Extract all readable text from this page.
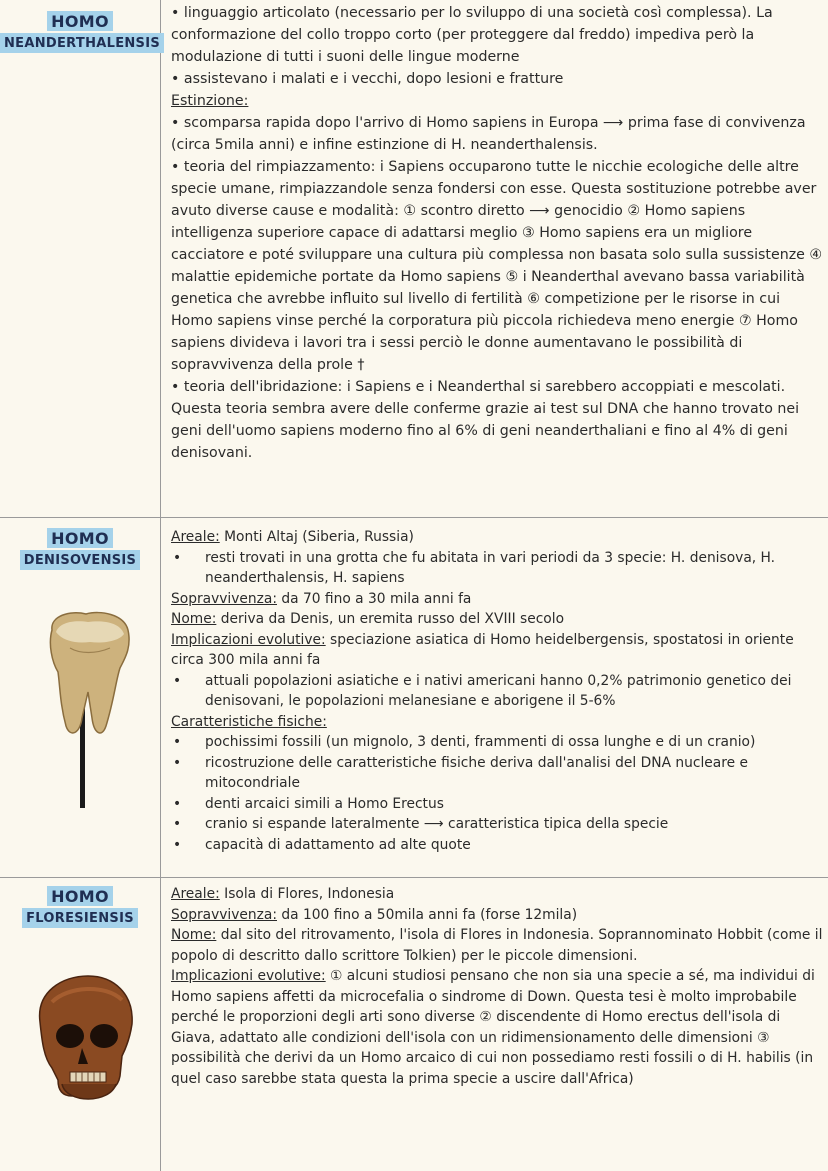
HOMO
NEANDERTHALENSIS

• linguaggio articolato (necessario per lo sviluppo di una società così complessa). La conformazione del collo troppo corto (per proteggere dal freddo) impediva però la modulazione di tutti i suoni delle lingue moderne

• assistevano i malati e i vecchi, dopo lesioni e fratture

Estinzione:

• scomparsa rapida dopo l'arrivo di Homo sapiens in Europa ⟶ prima fase di convivenza (circa 5mila anni) e infine estinzione di H. neanderthalensis.

• teoria del rimpiazzamento: i Sapiens occuparono tutte le nicchie ecologiche delle altre specie umane, rimpiazzandole senza fondersi con esse. Questa sostituzione potrebbe aver avuto diverse cause e modalità: ① scontro diretto ⟶ genocidio ② Homo sapiens intelligenza superiore capace di adattarsi meglio ③ Homo sapiens era un migliore cacciatore e poté sviluppare una cultura più complessa non basata solo sulla sussistenze ④ malattie epidemiche portate da Homo sapiens ⑤ i Neanderthal avevano bassa variabilità genetica che avrebbe influito sul livello di fertilità ⑥ competizione per le risorse in cui Homo sapiens vinse perché la corporatura più piccola richiedeva meno energie ⑦ Homo sapiens divideva i lavori tra i sessi perciò le donne aumentavano le possibilità di sopravvivenza della prole †

• teoria dell'ibridazione: i Sapiens e i Neanderthal si sarebbero accoppiati e mescolati. Questa teoria sembra avere delle conferme grazie ai test sul DNA che hanno trovato nei geni dell'uomo sapiens moderno fino al 6% di geni neanderthaliani e fino al 4% di geni denisovani.

HOMO
DENISOVENSIS

Areale: Monti Altaj (Siberia, Russia)

• resti trovati in una grotta che fu abitata in vari periodi da 3 specie: H. denisova, H. neanderthalensis, H. sapiens

Sopravvivenza: da 70 fino a 30 mila anni fa

Nome: deriva da Denis, un eremita russo del XVIII secolo

Implicazioni evolutive: speciazione asiatica di Homo heidelbergensis, spostatosi in oriente circa 300 mila anni fa

• attuali popolazioni asiatiche e i nativi americani hanno 0,2% patrimonio genetico dei denisovani, le popolazioni melanesiane e aborigene il 5-6%

Caratteristiche fisiche:

• pochissimi fossili (un mignolo, 3 denti, frammenti di ossa lunghe e di un cranio)

• ricostruzione delle caratteristiche fisiche deriva dall'analisi del DNA nucleare e mitocondriale

• denti arcaici simili a Homo Erectus

• cranio si espande lateralmente ⟶ caratteristica tipica della specie

• capacità di adattamento ad alte quote

HOMO
FLORESIENSIS

Areale: Isola di Flores, Indonesia

Sopravvivenza: da 100 fino a 50mila anni fa (forse 12mila)

Nome: dal sito del ritrovamento, l'isola di Flores in Indonesia. Soprannominato Hobbit (come il popolo di descritto dallo scrittore Tolkien) per le piccole dimensioni.

Implicazioni evolutive: ① alcuni studiosi pensano che non sia una specie a sé, ma individui di Homo sapiens affetti da microcefalia o sindrome di Down. Questa tesi è molto improbabile perché le proporzioni degli arti sono diverse ② discendente di Homo erectus dell'isola di Giava, adattato alle condizioni dell'isola con un ridimensionamento delle dimensioni ③ possibilità che derivi da un Homo arcaico di cui non possediamo resti fossili o di H. habilis (in quel caso sarebbe stata questa la prima specie a uscire dall'Africa)
